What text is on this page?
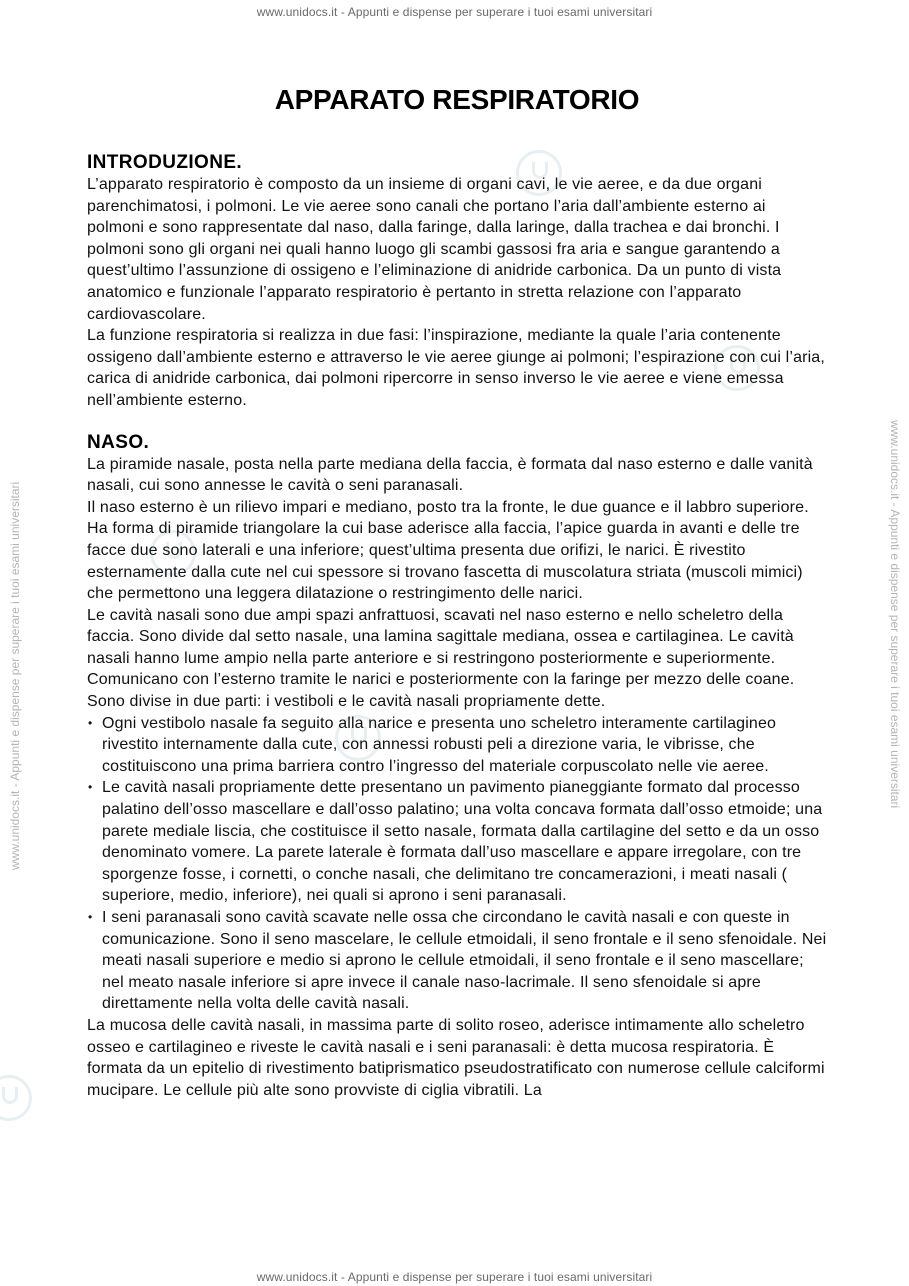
www.unidocs.it - Appunti e dispense per superare i tuoi esami universitari
www.unidocs.it - Appunti e dispense per superare i tuoi esami universitari	www.unidocs.it - Appunti e dispense per superare i tuoi esami universitari
APPARATO RESPIRATORIO
INTRODUZIONE.

L’apparato respiratorio è composto da un insieme di organi cavi, le vie aeree, e da due organi parenchimatosi, i polmoni. Le vie aeree sono canali che portano l’aria dall’ambiente esterno ai polmoni e sono rappresentate dal naso, dalla faringe, dalla laringe, dalla trachea e dai bronchi. I polmoni sono gli organi nei quali hanno luogo gli scambi gassosi fra aria e sangue garantendo a quest’ultimo l’assunzione di ossigeno e l’eliminazione di anidride carbonica. Da un punto di vista anatomico e funzionale l’apparato respiratorio è pertanto in stretta relazione con l’apparato cardiovascolare.

La funzione respiratoria si realizza in due fasi: l’inspirazione, mediante la quale l’aria contenente ossigeno dall’ambiente esterno e attraverso le vie aeree giunge ai polmoni; l’espirazione con cui l’aria, carica di anidride carbonica, dai polmoni ripercorre in senso inverso le vie aeree e viene emessa nell’ambiente esterno.

NASO.

La piramide nasale, posta nella parte mediana della faccia, è formata dal naso esterno e dalle vanità nasali, cui sono annesse le cavità o seni paranasali.

Il naso esterno è un rilievo impari e mediano, posto tra la fronte, le due guance e il labbro superiore. Ha forma di piramide triangolare la cui base aderisce alla faccia, l’apice guarda in avanti e delle tre facce due sono laterali e una inferiore; quest’ultima presenta due orifizi, le narici. È rivestito esternamente dalla cute nel cui spessore si trovano fascetta di muscolatura striata (muscoli mimici) che permettono una leggera dilatazione o restringimento delle narici.

Le cavità nasali sono due ampi spazi anfrattuosi, scavati nel naso esterno e nello scheletro della faccia. Sono divide dal setto nasale, una lamina sagittale mediana, ossea e cartilaginea. Le cavità nasali hanno lume ampio nella parte anteriore e si restringono posteriormente e superiormente. Comunicano con l’esterno tramite le narici e posteriormente con la faringe per mezzo delle coane. Sono divise in due parti: i vestiboli e le cavità nasali propriamente dette.

• Ogni vestibolo nasale fa seguito alla narice e presenta uno scheletro interamente cartilagineo rivestito internamente dalla cute, con annessi robusti peli a direzione varia, le vibrisse, che costituiscono una prima barriera contro l’ingresso del materiale corpuscolato nelle vie aeree.
• Le cavità nasali propriamente dette presentano un pavimento pianeggiante formato dal processo palatino dell’osso mascellare e dall’osso palatino; una volta concava formata dall’osso etmoide; una parete mediale liscia, che costituisce il setto nasale, formata dalla cartilagine del setto e da un osso denominato vomere. La parete laterale è formata dall’uso mascellare e appare irregolare, con tre sporgenze fosse, i cornetti, o conche nasali, che delimitano tre concamerazioni, i meati nasali ( superiore, medio, inferiore), nei quali si aprono i seni paranasali.
• I seni paranasali sono cavità scavate nelle ossa che circondano le cavità nasali e con queste in comunicazione. Sono il seno mascelare, le cellule etmoidali, il seno frontale e il seno sfenoidale. Nei meati nasali superiore e medio si aprono le cellule etmoidali, il seno frontale e il seno mascellare; nel meato nasale inferiore si apre invece il canale naso-lacrimale. Il seno sfenoidale si apre direttamente nella volta delle cavità nasali.

La mucosa delle cavità nasali, in massima parte di solito roseo, aderisce intimamente allo scheletro osseo e cartilagineo e riveste le cavità nasali e i seni paranasali: è detta mucosa respiratoria. È formata da un epitelio di rivestimento batiprismatico pseudostratificato con numerose cellule calciformi mucipare. Le cellule più alte sono provviste di ciglia vibratili. La

www.unidocs.it - Appunti e dispense per superare i tuoi esami universitari
